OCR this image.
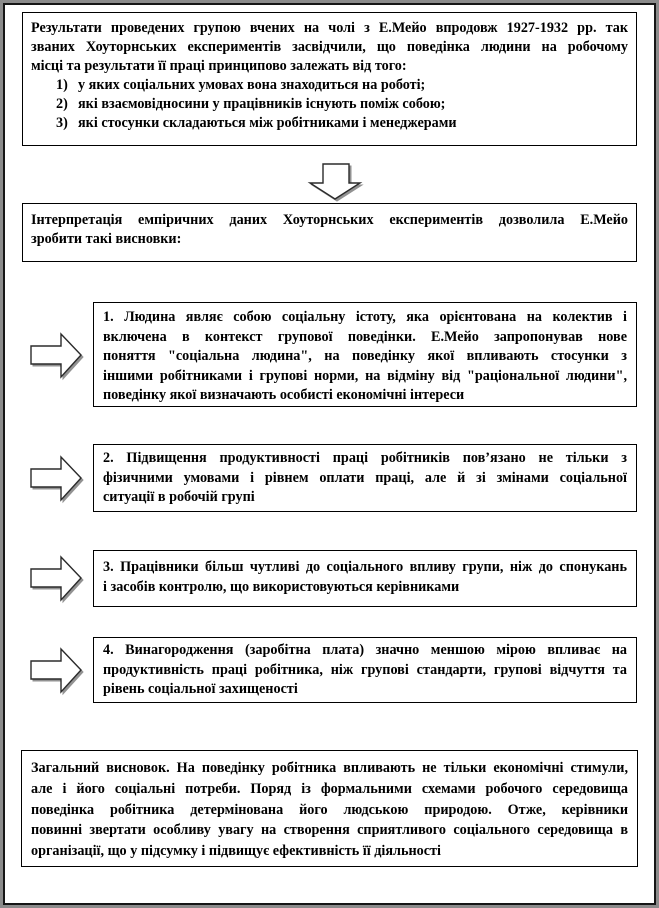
Результати проведених групою вчених на чолі з Е.Мейо впродовж 1927-1932 рр. так
званих Хоуторнських експериментів засвідчили, що поведінка людини на робочому
місці та результати її праці принципово залежать від того:
1) у яких соціальних умовах вона знаходиться на роботі;
2) які взаємовідносини у працівників існують поміж собою;
3) які стосунки складаються між робітниками і менеджерами
Інтерпретація емпіричних даних Хоуторнських експериментів дозволила Е.Мейо
зробити такі висновки:
1. Людина являє собою соціальну істоту, яка орієнтована на колектив і
включена в контекст групової поведінки. Е.Мейо запропонував нове
поняття "соціальна людина", на поведінку якої впливають стосунки з
іншими робітниками і групові норми, на відміну від "раціональної людини",
поведінку якої визначають особисті економічні інтереси
2. Підвищення продуктивності праці робітників пов’язано не тільки з
фізичними умовами і рівнем оплати праці, але й зі змінами соціальної
ситуації в робочій групі
3. Працівники більш чутливі до соціального впливу групи, ніж до спонукань
і засобів контролю, що використовуються керівниками
4. Винагородження (заробітна плата) значно меншою мірою впливає на
продуктивність праці робітника, ніж групові стандарти, групові відчуття та
рівень соціальної захищеності
Загальний висновок. На поведінку робітника впливають не тільки економічні стимули,
але і його соціальні потреби. Поряд із формальними схемами робочого середовища
поведінка робітника детермінована його людською природою. Отже, керівники
повинні звертати особливу увагу на створення сприятливого соціального середовища в
організації, що у підсумку і підвищує ефективність її діяльності
